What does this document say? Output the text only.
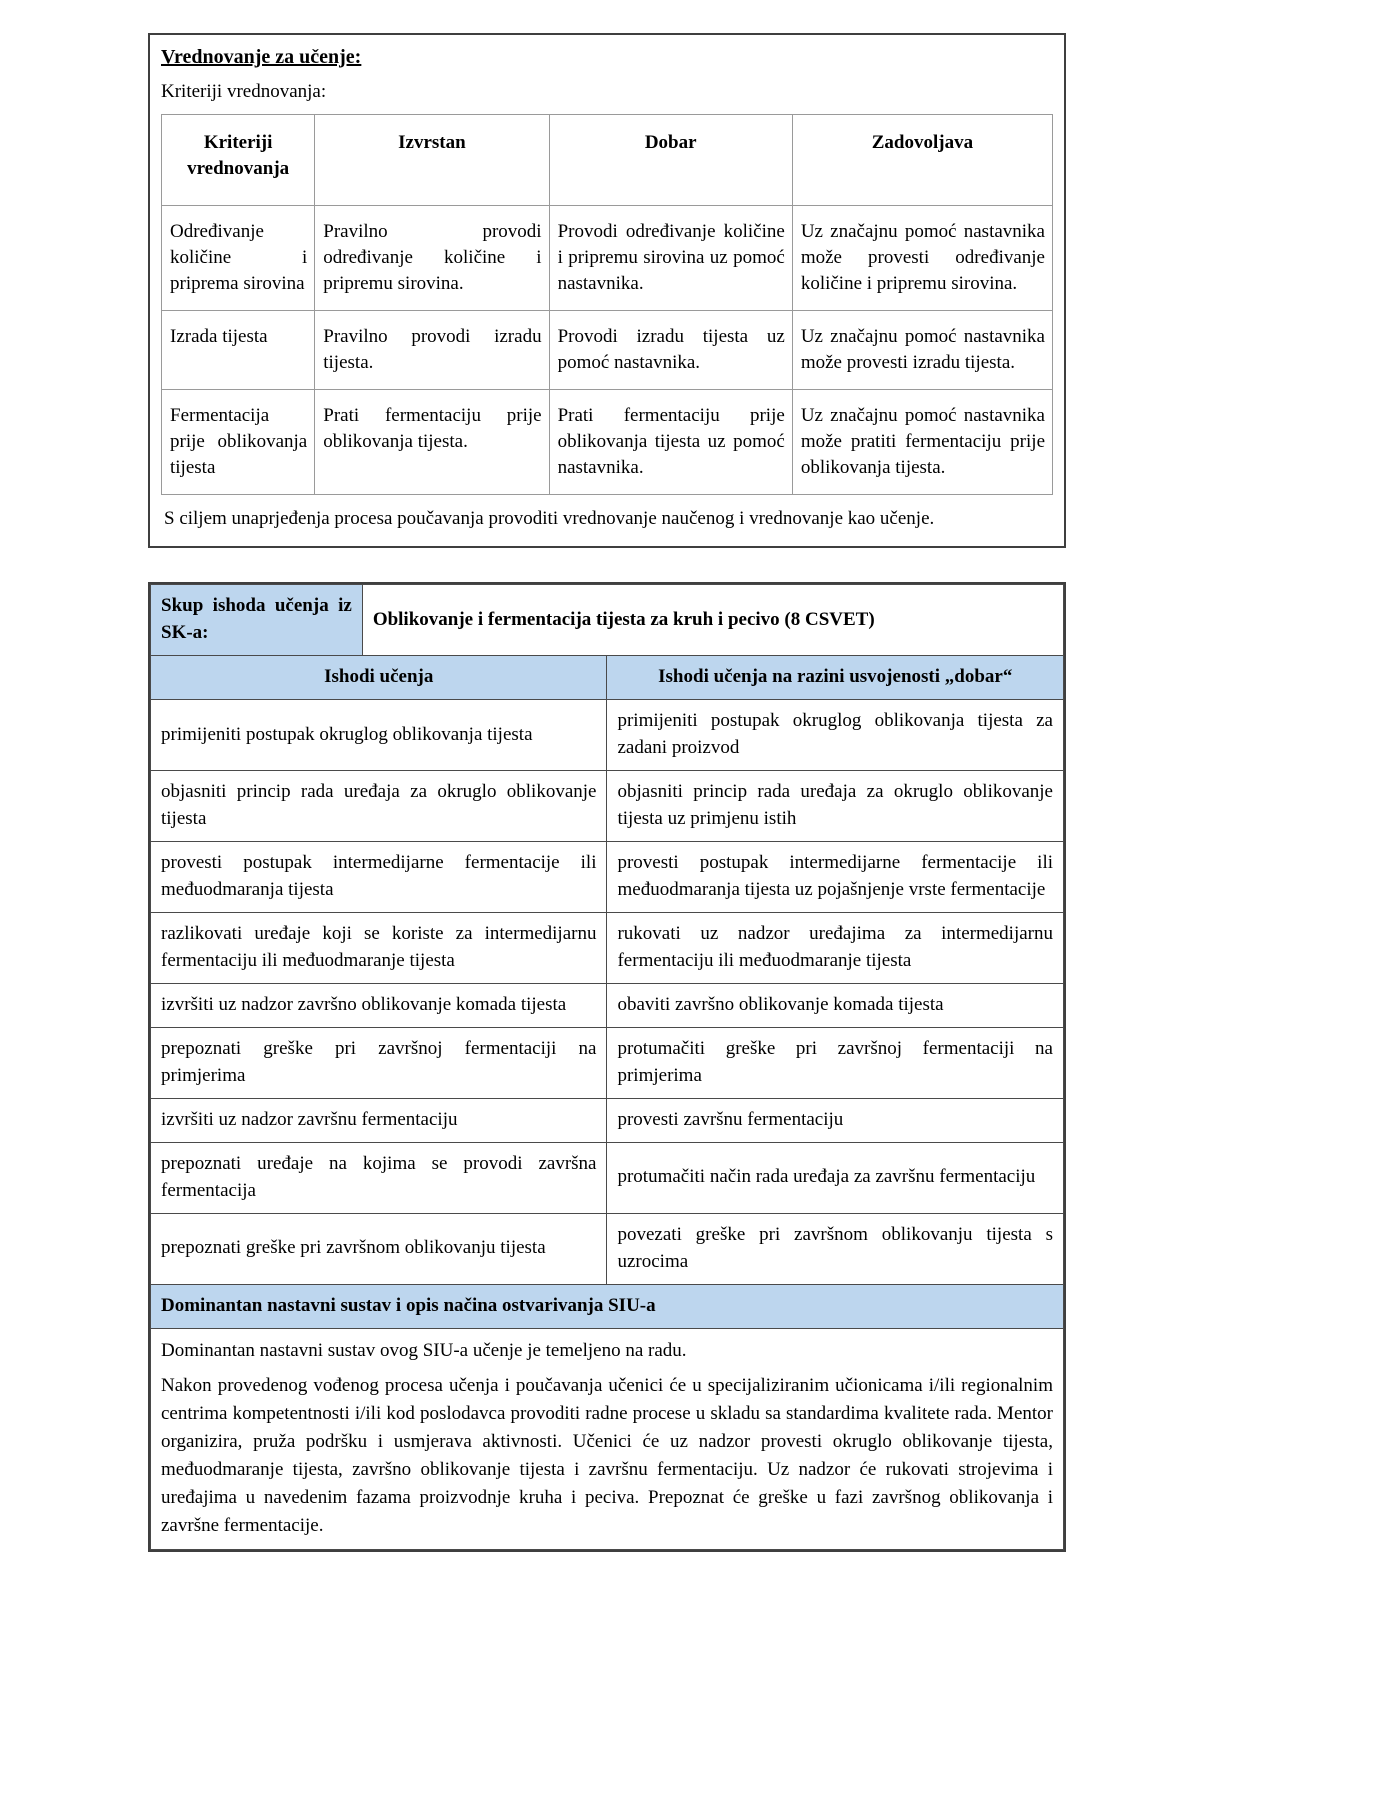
Vrednovanje za učenje:

Kriteriji vrednovanja:

Kriteriji vrednovanja	Izvrstan	Dobar	Zadovoljava
Određivanje količine i priprema sirovina	Pravilno provodi određivanje količine i pripremu sirovina.	Provodi određivanje količine i pripremu sirovina uz pomoć nastavnika.	Uz značajnu pomoć nastavnika može provesti određivanje količine i pripremu sirovina.
Izrada tijesta	Pravilno provodi izradu tijesta.	Provodi izradu tijesta uz pomoć nastavnika.	Uz značajnu pomoć nastavnika može provesti izradu tijesta.
Fermentacija prije oblikovanja tijesta	Prati fermentaciju prije oblikovanja tijesta.	Prati fermentaciju prije oblikovanja tijesta uz pomoć nastavnika.	Uz značajnu pomoć nastavnika može pratiti fermentaciju prije oblikovanja tijesta.

S ciljem unaprjeđenja procesa poučavanja provoditi vrednovanje naučenog i vrednovanje kao učenje.

Skup ishoda učenja iz SK-a:	Oblikovanje i fermentacija tijesta za kruh i pecivo (8 CSVET)	
Ishodi učenja		Ishodi učenja na razini usvojenosti „dobar“
primijeniti postupak okruglog oblikovanja tijesta		primijeniti postupak okruglog oblikovanja tijesta za zadani proizvod
objasniti princip rada uređaja za okruglo oblikovanje tijesta		objasniti princip rada uređaja za okruglo oblikovanje tijesta uz primjenu istih
provesti postupak intermedijarne fermentacije ili međuodmaranja tijesta		provesti postupak intermedijarne fermentacije ili međuodmaranja tijesta uz pojašnjenje vrste fermentacije
razlikovati uređaje koji se koriste za intermedijarnu fermentaciju ili međuodmaranje tijesta		rukovati uz nadzor uređajima za intermedijarnu fermentaciju ili međuodmaranje tijesta
izvršiti uz nadzor završno oblikovanje komada tijesta		obaviti završno oblikovanje komada tijesta
prepoznati greške pri završnoj fermentaciji na primjerima		protumačiti greške pri završnoj fermentaciji na primjerima
izvršiti uz nadzor završnu fermentaciju		provesti završnu fermentaciju
prepoznati uređaje na kojima se provodi završna fermentacija		protumačiti način rada uređaja za završnu fermentaciju
prepoznati greške pri završnom oblikovanju tijesta		povezati greške pri završnom oblikovanju tijesta s uzrocima
Dominantan nastavni sustav i opis načina ostvarivanja SIU-a		

Dominantan nastavni sustav ovog SIU-a učenje je temeljeno na radu.

Nakon provedenog vođenog procesa učenja i poučavanja učenici će u specijaliziranim učionicama i/ili regionalnim centrima kompetentnosti i/ili kod poslodavca provoditi radne procese u skladu sa standardima kvalitete rada. Mentor organizira, pruža podršku i usmjerava aktivnosti. Učenici će uz nadzor provesti okruglo oblikovanje tijesta, međuodmaranje tijesta, završno oblikovanje tijesta i završnu fermentaciju. Uz nadzor će rukovati strojevima i uređajima u navedenim fazama proizvodnje kruha i peciva. Prepoznat će greške u fazi završnog oblikovanja i završne fermentacije.		
